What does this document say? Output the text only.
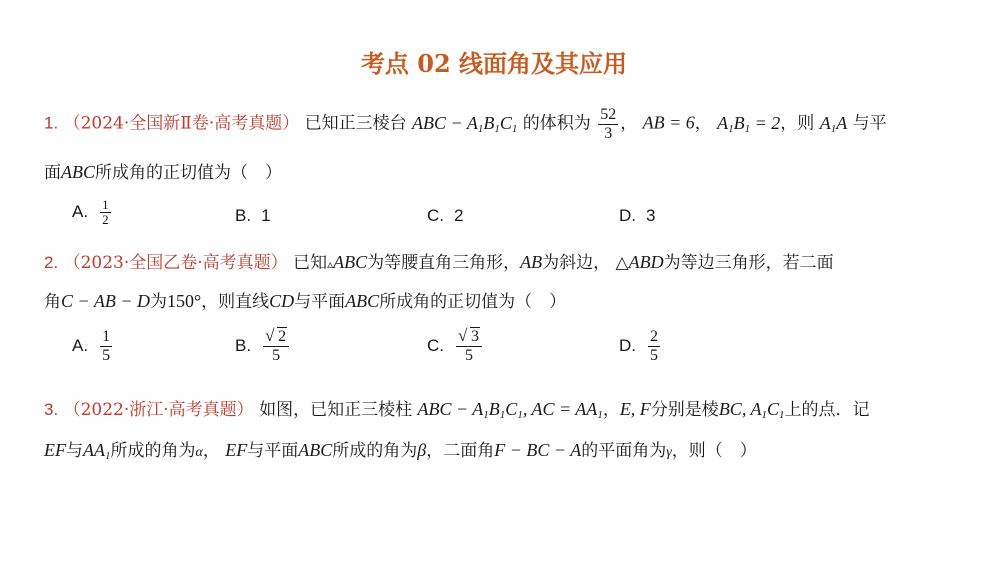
考点 02 线面角及其应用
1. （2024·全国新Ⅱ卷·高考真题） 已知正三棱台 ABC − $A_1B_1C_1$ 的体积为 $\frac{52}{3}$ ， AB = 6， $A_1B_1 = 2$，则 $A_1A$ 与平
面ABC所成角的正切值为（　）
A. $\frac{1}{2}$	B. 1	C. 2	D. 3
2. （2023·全国乙卷·高考真题） 已知▵ABC为等腰直角三角形，AB为斜边， △ABD为等边三角形，若二面
角C − AB − D为150°，则直线CD与平面ABC所成角的正切值为（　）
A. $\frac{1}{5}$	B. √ $\frac{2}{5}$	C. √ $\frac{3}{5}$	D. $\frac{2}{5}$
3. （2022·浙江·高考真题） 如图，已知正三棱柱 ABC − $A_1B_1C_1$, AC = $AA_1$，E, F分别是棱BC, $A_1C_1$上的点．记
EF与$AA_1$所成的角为α， EF与平面ABC所成的角为β，二面角F − BC − A的平面角为γ，则（　）
